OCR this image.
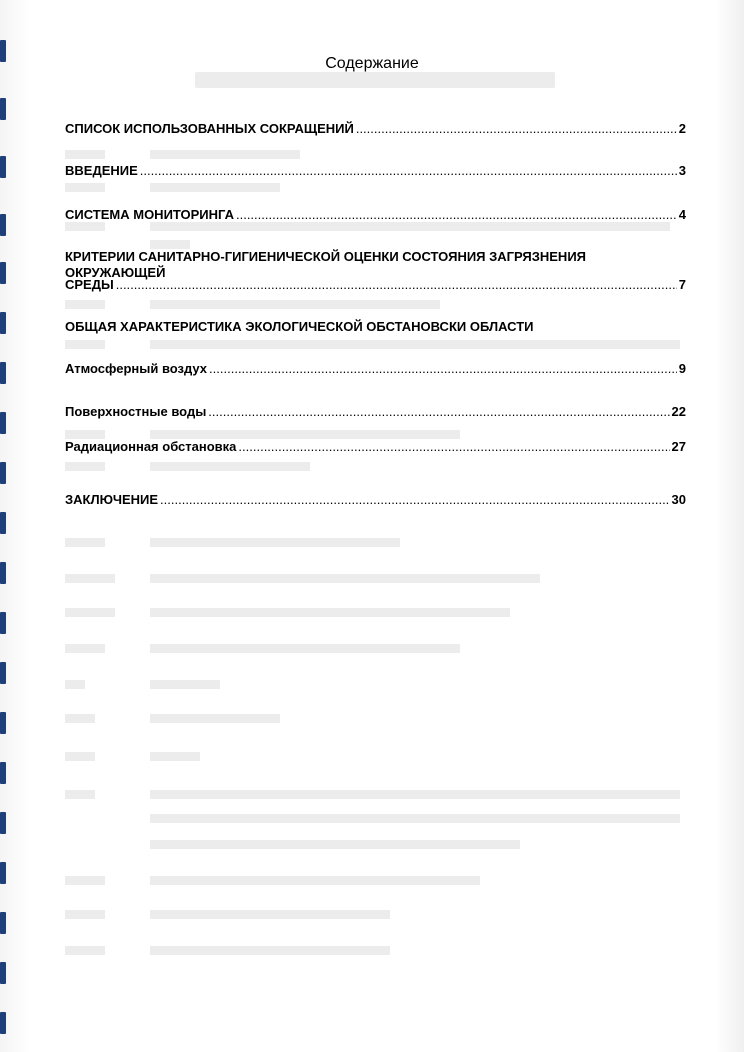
Содержание
СПИСОК ИСПОЛЬЗОВАННЫХ СОКРАЩЕНИЙ .....	2
ВВЕДЕНИЕ .....	3
СИСТЕМА МОНИТОРИНГА .....	4
КРИТЕРИИ САНИТАРНО-ГИГИЕНИЧЕСКОЙ ОЦЕНКИ СОСТОЯНИЯ ЗАГРЯЗНЕНИЯ ОКРУЖАЮЩЕЙ
СРЕДЫ .....	7
ОБЩАЯ ХАРАКТЕРИСТИКА ЭКОЛОГИЧЕСКОЙ ОБСТАНОВСКИ ОБЛАСТИ
Атмосферный воздух .....	9
Поверхностные воды .....	22
Радиационная обстановка .....	27
ЗАКЛЮЧЕНИЕ .....	30
